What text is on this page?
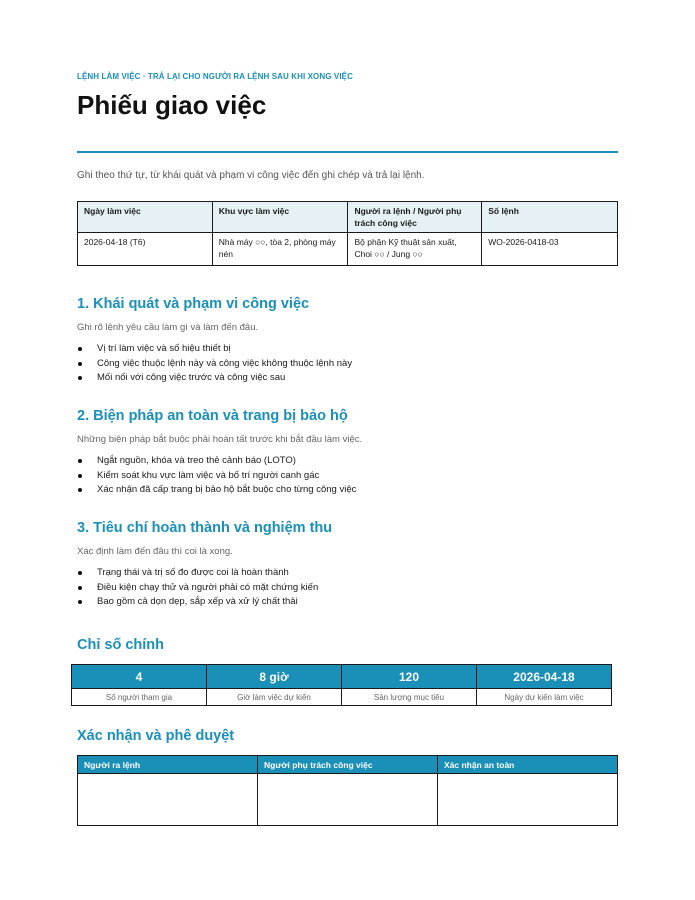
LỆNH LÀM VIỆC · TRẢ LẠI CHO NGƯỜI RA LỆNH SAU KHI XONG VIỆC
Phiếu giao việc

Ghi theo thứ tự, từ khái quát và phạm vi công việc đến ghi chép và trả lại lệnh.

Ngày làm việc	Khu vực làm việc	Người ra lệnh / Người phụ trách công việc	Số lệnh
2026-04-18 (T6)	Nhà máy ○○, tòa 2, phòng máy nén	Bộ phận Kỹ thuật sản xuất, Choi ○○ / Jung ○○	WO-2026-0418-03
1. Khái quát và phạm vi công việc

Ghi rõ lệnh yêu cầu làm gì và làm đến đâu.

Vị trí làm việc và số hiệu thiết bị
Công việc thuộc lệnh này và công việc không thuộc lệnh này
Mối nối với công việc trước và công việc sau
2. Biện pháp an toàn và trang bị bảo hộ

Những biện pháp bắt buộc phải hoàn tất trước khi bắt đầu làm việc.

Ngắt nguồn, khóa và treo thẻ cảnh báo (LOTO)
Kiểm soát khu vực làm việc và bố trí người canh gác
Xác nhận đã cấp trang bị bảo hộ bắt buộc cho từng công việc
3. Tiêu chí hoàn thành và nghiệm thu

Xác định làm đến đâu thì coi là xong.

Trạng thái và trị số đo được coi là hoàn thành
Điều kiện chạy thử và người phải có mặt chứng kiến
Bao gồm cả dọn dẹp, sắp xếp và xử lý chất thải
Chỉ số chính
4	8 giờ	120	2026-04-18
Số người tham gia	Giờ làm việc dự kiến	Sản lượng mục tiêu	Ngày dự kiến làm việc
Xác nhận và phê duyệt
Người ra lệnh	Người phụ trách công việc	Xác nhận an toàn
